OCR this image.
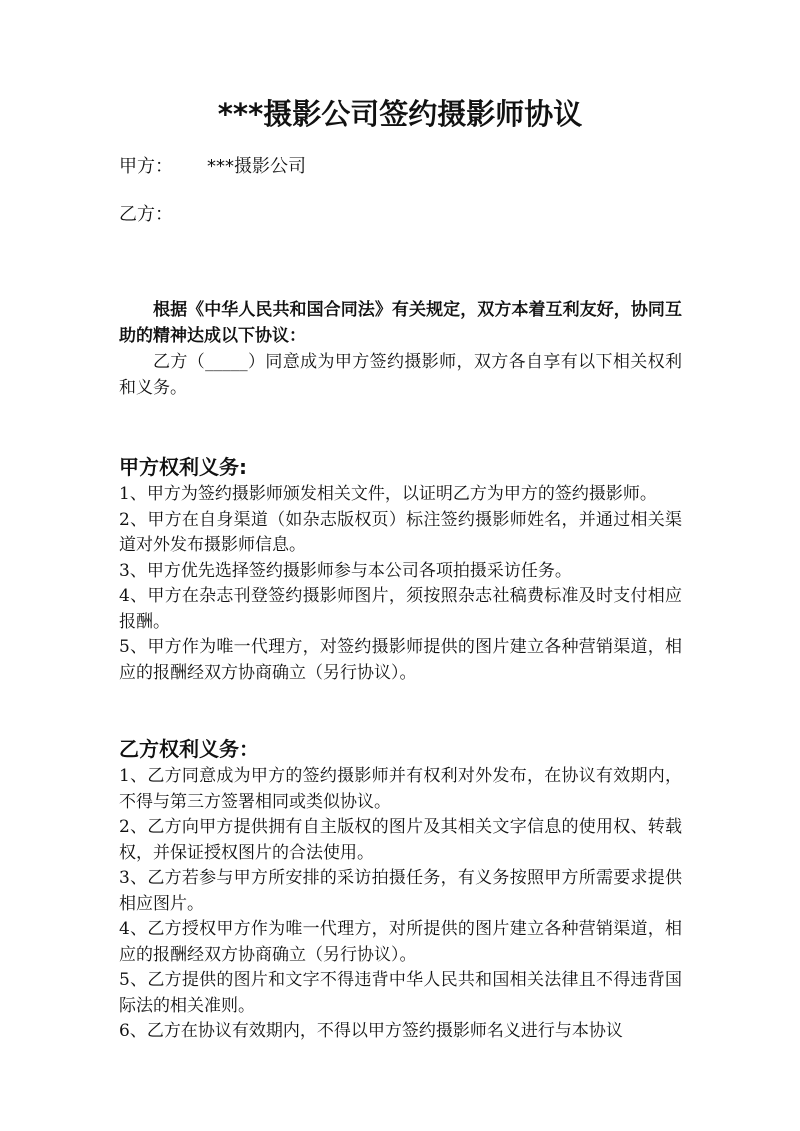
***摄影公司签约摄影师协议
甲方： ***摄影公司
乙方：

根据《中华人民共和国合同法》有关规定，双方本着互利友好，协同互助的精神达成以下协议：

乙方（_____）同意成为甲方签约摄影师，双方各自享有以下相关权利和义务。

甲方权利义务:
1、甲方为签约摄影师颁发相关文件，以证明乙方为甲方的签约摄影师。
2、甲方在自身渠道（如杂志版权页）标注签约摄影师姓名，并通过相关渠道对外发布摄影师信息。
3、甲方优先选择签约摄影师参与本公司各项拍摄采访任务。
4、甲方在杂志刊登签约摄影师图片，须按照杂志社稿费标准及时支付相应报酬。
5、甲方作为唯一代理方，对签约摄影师提供的图片建立各种营销渠道，相应的报酬经双方协商确立（另行协议）。
乙方权利义务：
1、乙方同意成为甲方的签约摄影师并有权利对外发布，在协议有效期内，不得与第三方签署相同或类似协议。
2、乙方向甲方提供拥有自主版权的图片及其相关文字信息的使用权、转载权，并保证授权图片的合法使用。
3、乙方若参与甲方所安排的采访拍摄任务，有义务按照甲方所需要求提供相应图片。
4、乙方授权甲方作为唯一代理方，对所提供的图片建立各种营销渠道，相应的报酬经双方协商确立（另行协议）。
5、乙方提供的图片和文字不得违背中华人民共和国相关法律且不得违背国际法的相关准则。
6、乙方在协议有效期内，不得以甲方签约摄影师名义进行与本协议
